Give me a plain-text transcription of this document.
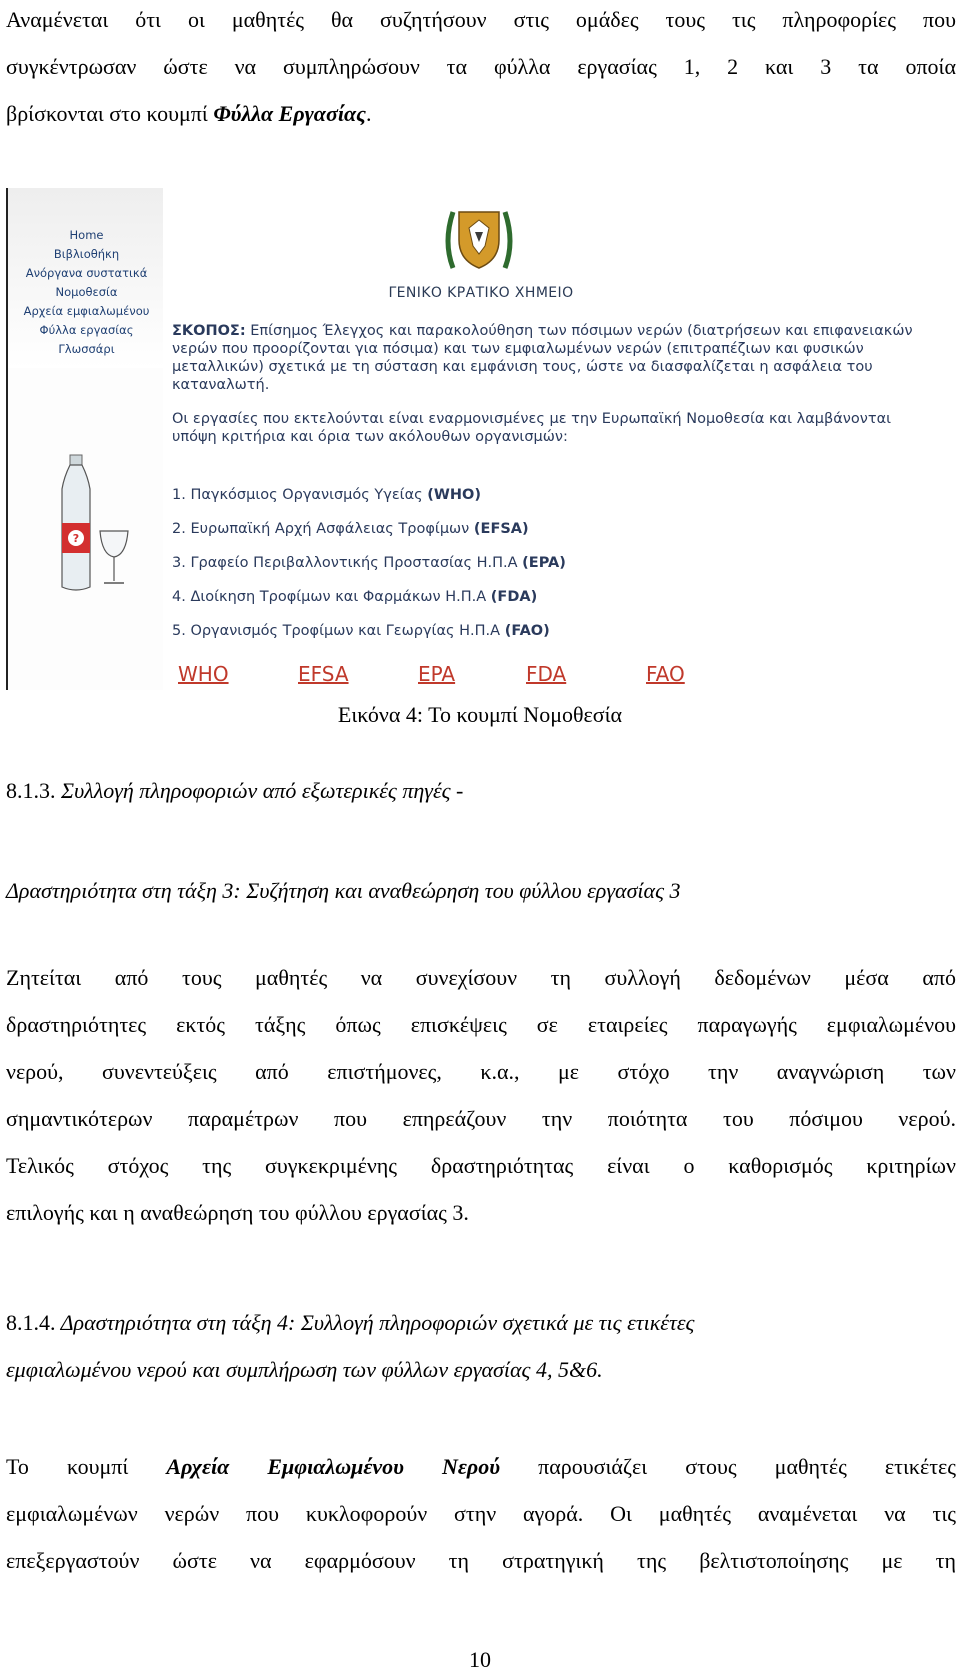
Αναμένεται ότι οι μαθητές θα συζητήσουν στις ομάδες τους τις πληροφορίες που
συγκέντρωσαν ώστε να συμπληρώσουν τα φύλλα εργασίας 1, 2 και 3 τα οποία
βρίσκονται στο κουμπί Φύλλα Εργασίας.
Home
Βιβλιοθήκη
Ανόργανα συστατικά
Νομοθεσία
Αρχεία εμφιαλωμένου
Φύλλα εργασίας
Γλωσσάρι
?
ΓΕΝΙΚΟ ΚΡΑΤΙΚΟ ΧΗΜΕΙΟ
ΣΚΟΠΟΣ: Επίσημος Έλεγχος και παρακολούθηση των πόσιμων νερών (διατρήσεων και επιφανειακών
νερών που προορίζονται για πόσιμα) και των εμφιαλωμένων νερών (επιτραπέζιων και φυσικών
μεταλλικών) σχετικά με τη σύσταση και εμφάνιση τους, ώστε να διασφαλίζεται η ασφάλεια του
καταναλωτή.
Οι εργασίες που εκτελούνται είναι εναρμονισμένες με την Ευρωπαϊκή Νομοθεσία και λαμβάνονται
υπόψη κριτήρια και όρια των ακόλουθων οργανισμών:
1. Παγκόσμιος Οργανισμός Υγείας (WHO)
2. Ευρωπαϊκή Αρχή Ασφάλειας Τροφίμων (EFSA)
3. Γραφείο Περιβαλλοντικής Προστασίας Η.Π.Α (EPA)
4. Διοίκηση Τροφίμων και Φαρμάκων Η.Π.Α (FDA)
5. Οργανισμός Τροφίμων και Γεωργίας Η.Π.Α (FAO)
WHO	EFSA	EPA	FDA	FAO
Εικόνα 4: Το κουμπί Νομοθεσία
8.1.3. Συλλογή πληροφοριών από εξωτερικές πηγές -
Δραστηριότητα στη τάξη 3: Συζήτηση και αναθεώρηση του φύλλου εργασίας 3
Ζητείται από τους μαθητές να συνεχίσουν τη συλλογή δεδομένων μέσα από
δραστηριότητες εκτός τάξης όπως επισκέψεις σε εταιρείες παραγωγής εμφιαλωμένου
νερού, συνεντεύξεις από επιστήμονες, κ.α., με στόχο την αναγνώριση των
σημαντικότερων παραμέτρων που επηρεάζουν την ποιότητα του πόσιμου νερού.
Τελικός στόχος της συγκεκριμένης δραστηριότητας είναι ο καθορισμός κριτηρίων
επιλογής και η αναθεώρηση του φύλλου εργασίας 3.
8.1.4. Δραστηριότητα στη τάξη 4: Συλλογή πληροφοριών σχετικά με τις ετικέτες
εμφιαλωμένου νερού και συμπλήρωση των φύλλων εργασίας 4, 5&6.
Το κουμπί Αρχεία Εμφιαλωμένου Νερού παρουσιάζει στους μαθητές ετικέτες
εμφιαλωμένων νερών που κυκλοφορούν στην αγορά. Οι μαθητές αναμένεται να τις
επεξεργαστούν ώστε να εφαρμόσουν τη στρατηγική της βελτιστοποίησης με τη
10
